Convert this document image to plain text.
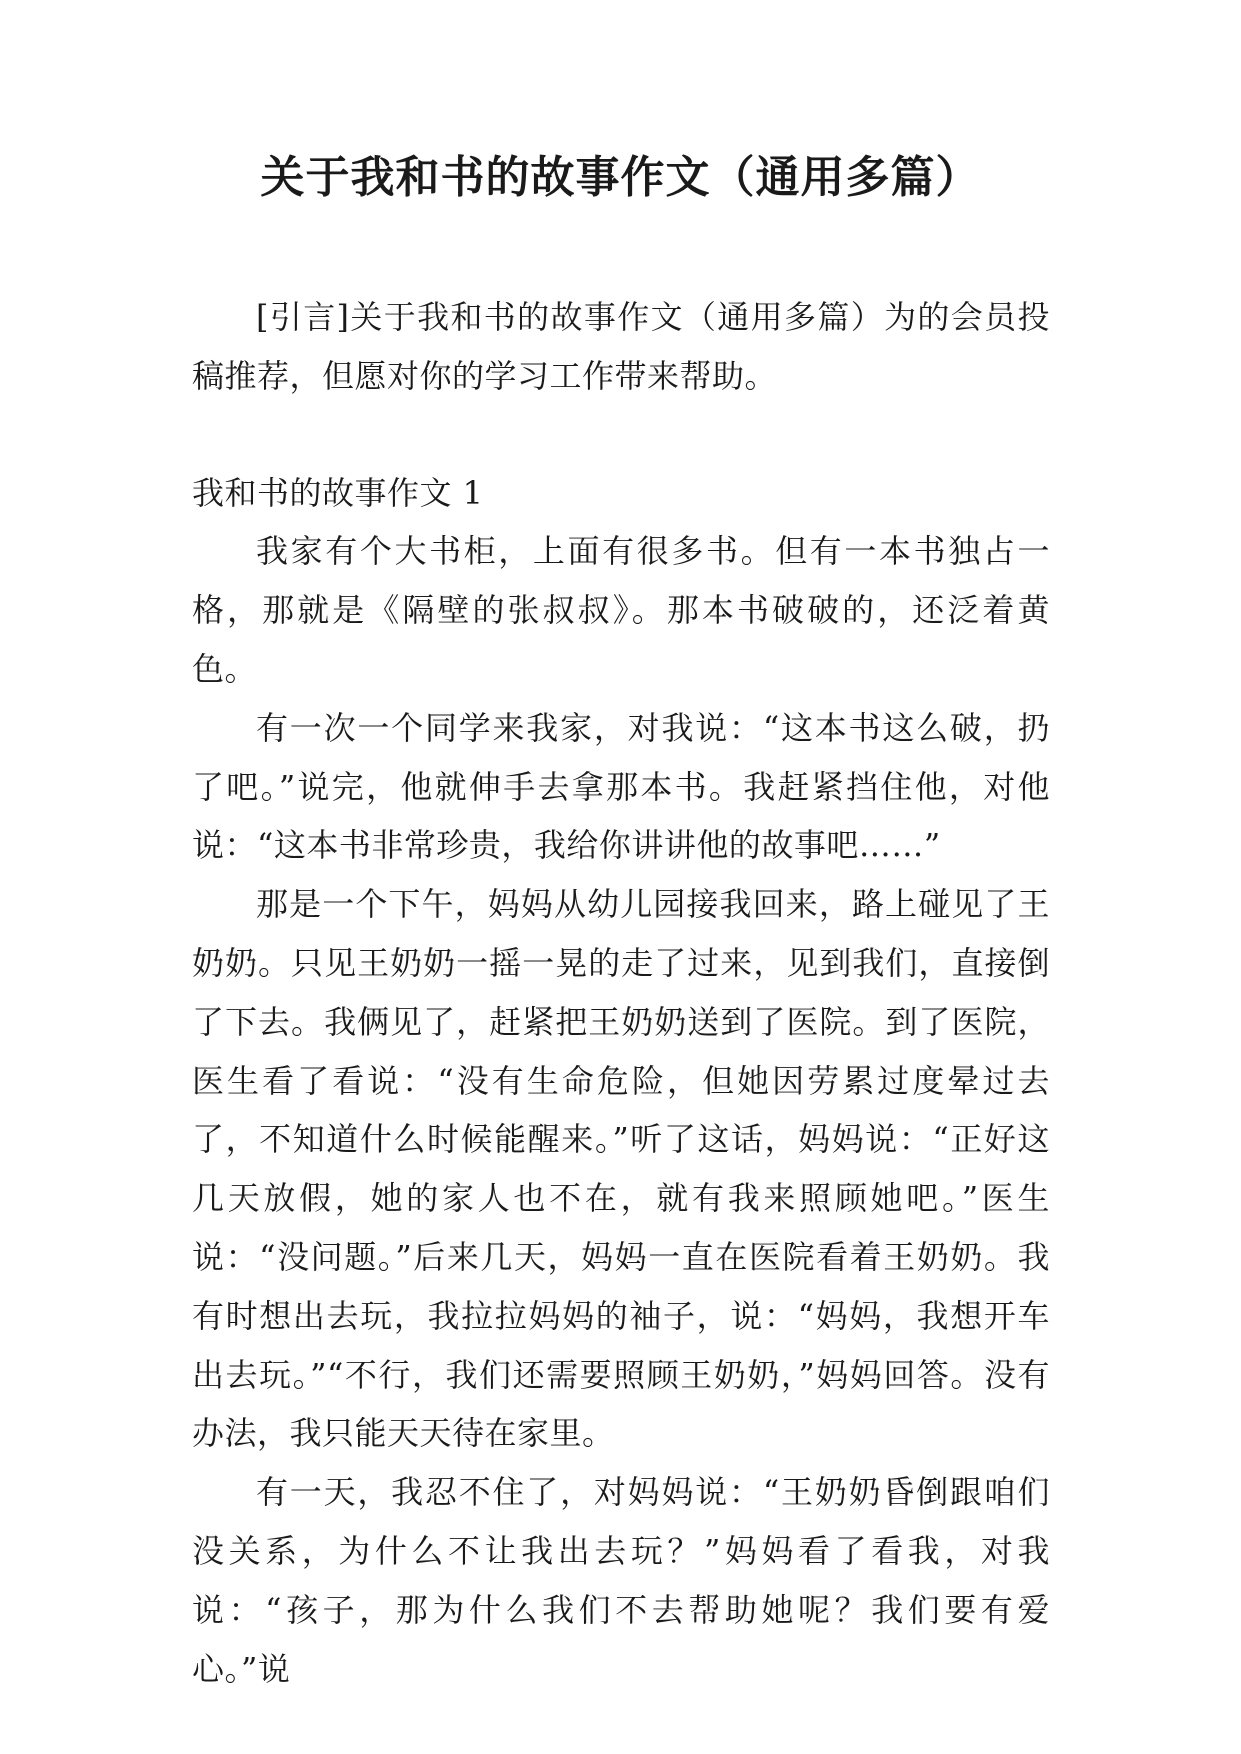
关于我和书的故事作文（通用多篇）

[引言]关于我和书的故事作文（通用多篇）为的会员投稿推荐，但愿对你的学习工作带来帮助。

我和书的故事作文 1

我家有个大书柜，上面有很多书。但有一本书独占一格，那就是《隔壁的张叔叔》。那本书破破的，还泛着黄色。

有一次一个同学来我家，对我说：“这本书这么破，扔了吧。”说完，他就伸手去拿那本书。我赶紧挡住他，对他说：“这本书非常珍贵，我给你讲讲他的故事吧……”

那是一个下午，妈妈从幼儿园接我回来，路上碰见了王奶奶。只见王奶奶一摇一晃的走了过来，见到我们，直接倒了下去。我俩见了，赶紧把王奶奶送到了医院。到了医院，医生看了看说：“没有生命危险，但她因劳累过度晕过去了，不知道什么时候能醒来。”听了这话，妈妈说：“正好这几天放假，她的家人也不在，就有我来照顾她吧。”医生说：“没问题。”后来几天，妈妈一直在医院看着王奶奶。我有时想出去玩，我拉拉妈妈的袖子，说：“妈妈，我想开车出去玩。”“不行，我们还需要照顾王奶奶，”妈妈回答。没有办法，我只能天天待在家里。

有一天，我忍不住了，对妈妈说：“王奶奶昏倒跟咱们没关系，为什么不让我出去玩？”妈妈看了看我，对我说：“孩子，那为什么我们不去帮助她呢？我们要有爱心。”说
